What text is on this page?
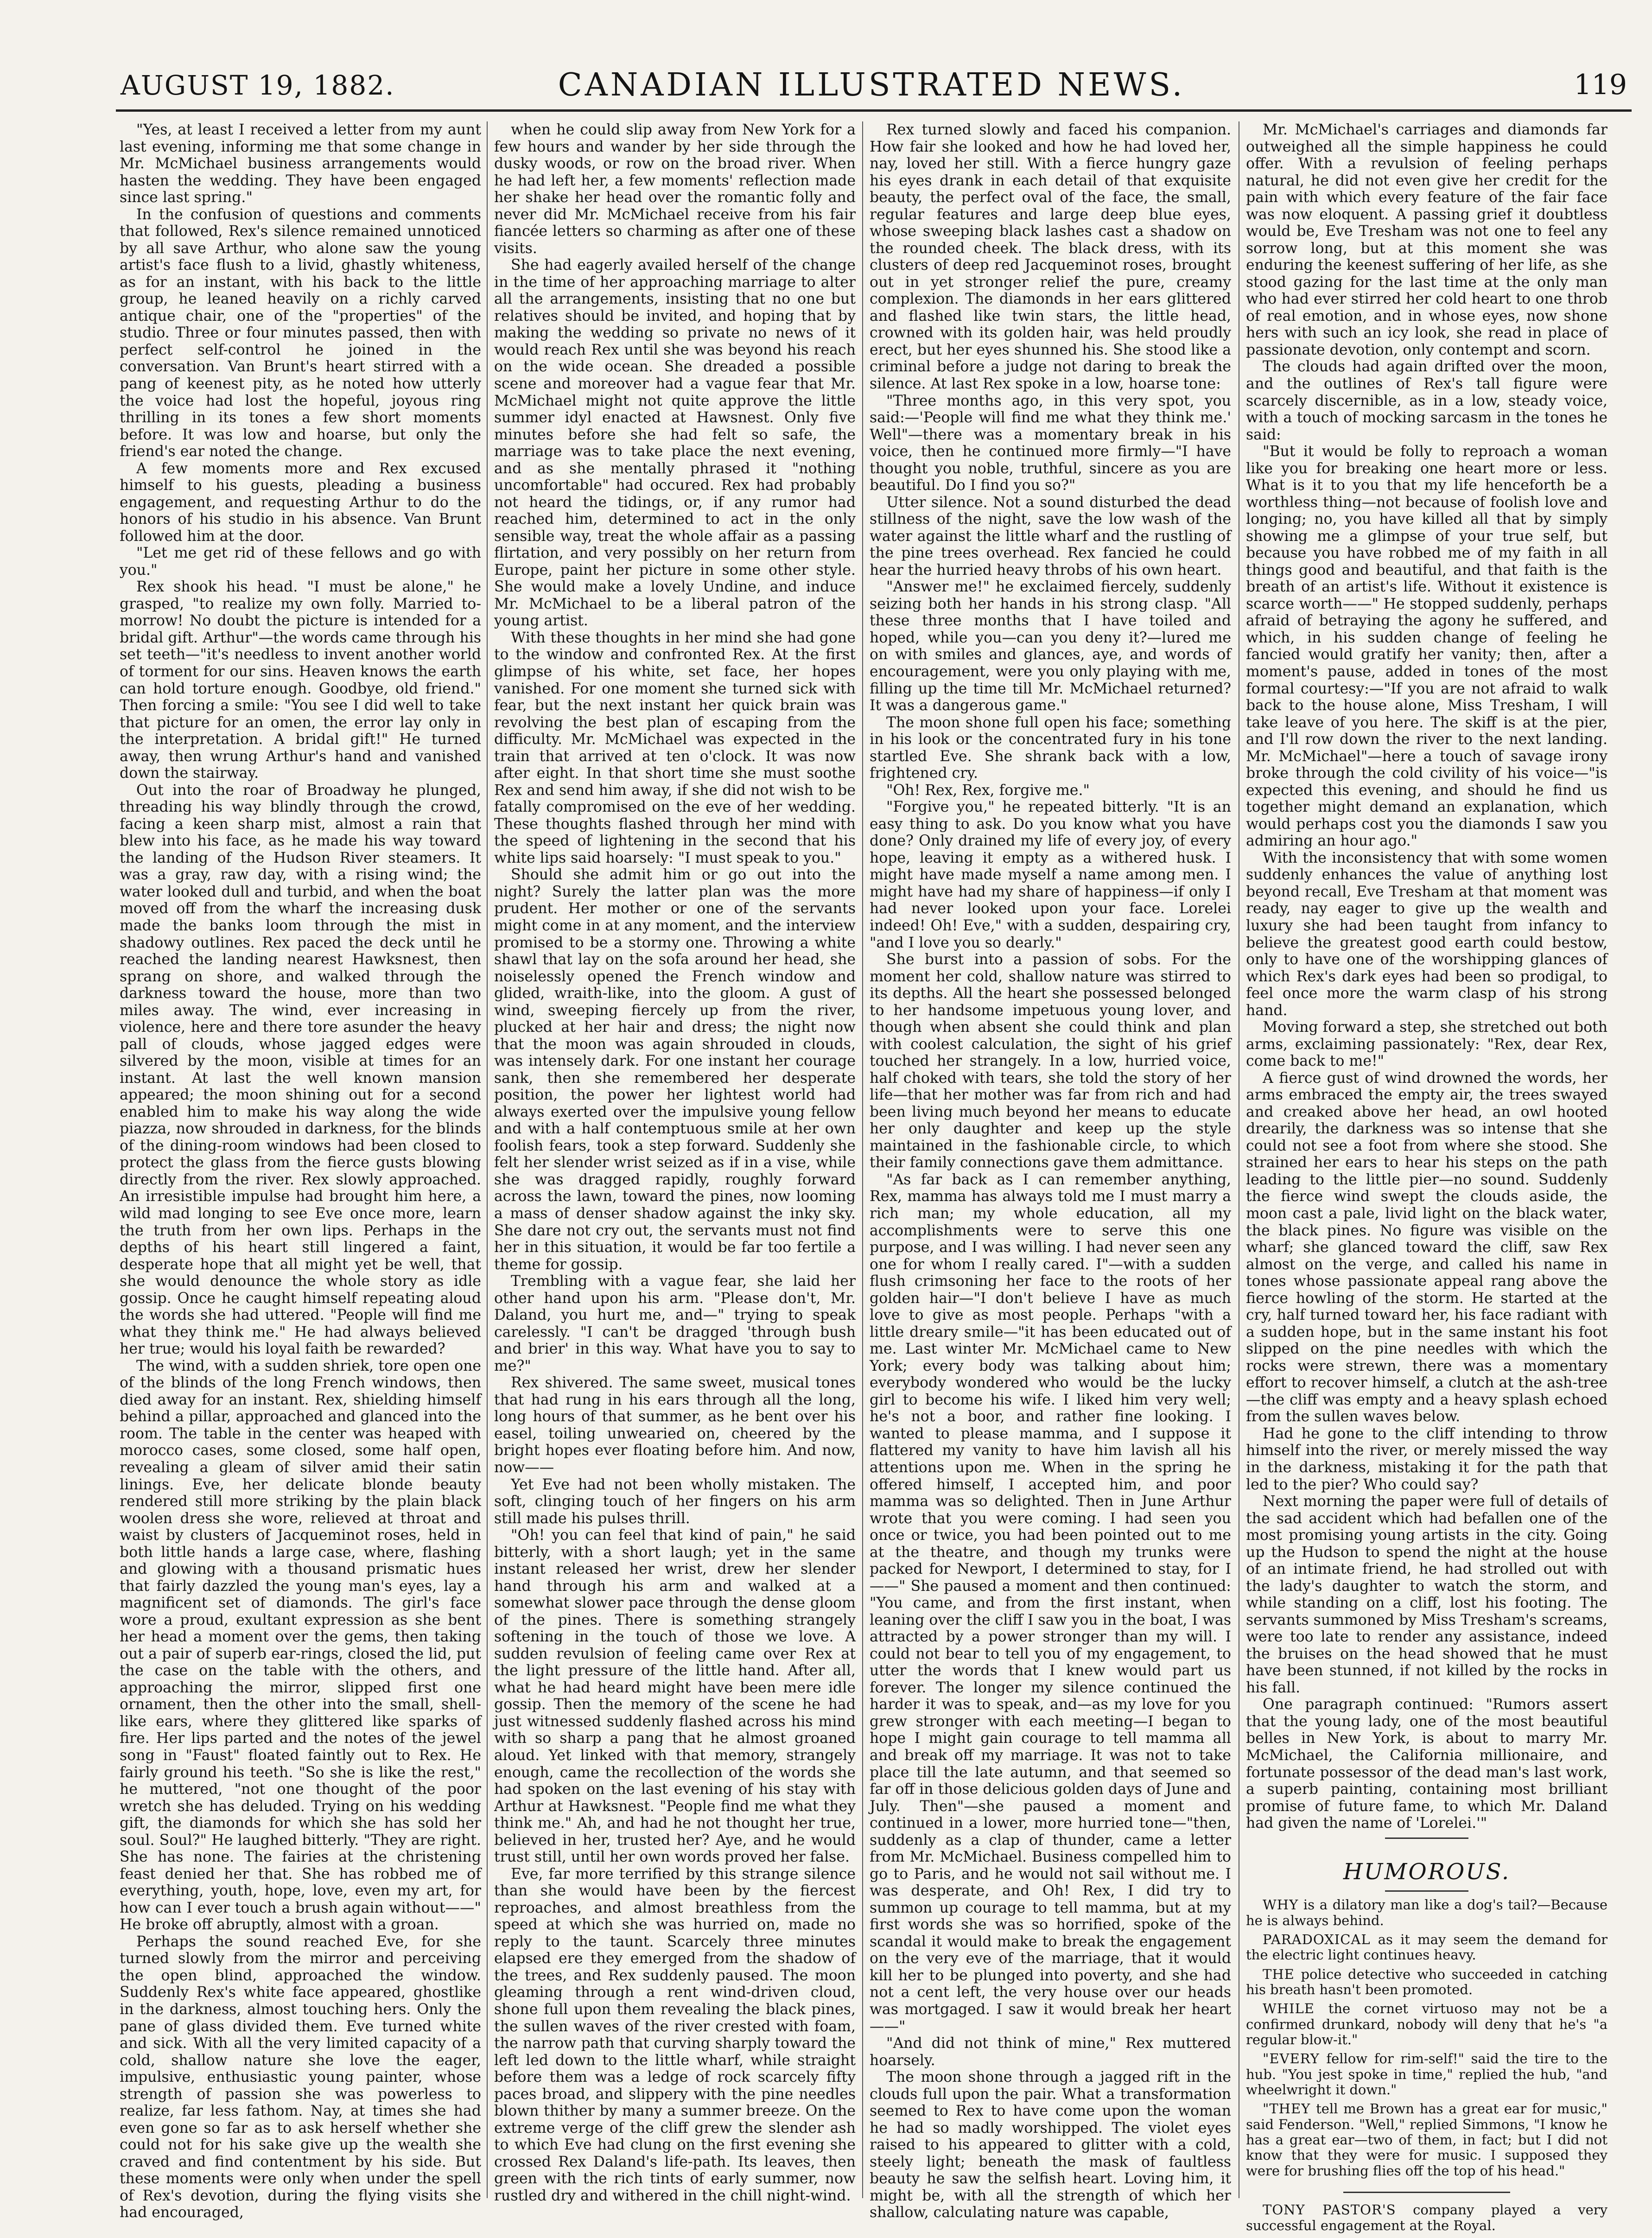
AUGUST 19, 1882.	CANADIAN ILLUSTRATED NEWS.	119

"Yes, at least I received a letter from my aunt last evening, informing me that some change in Mr. McMichael business arrangements would hasten the wedding. They have been engaged since last spring."

In the confusion of questions and comments that followed, Rex's silence remained unnoticed by all save Arthur, who alone saw the young artist's face flush to a livid, ghastly whiteness, as for an instant, with his back to the little group, he leaned heavily on a richly carved antique chair, one of the "properties" of the studio. Three or four minutes passed, then with perfect self-control he joined in the conversation. Van Brunt's heart stirred with a pang of keenest pity, as he noted how utterly the voice had lost the hopeful, joyous ring thrilling in its tones a few short moments before. It was low and hoarse, but only the friend's ear noted the change.

A few moments more and Rex excused himself to his guests, pleading a business engagement, and requesting Arthur to do the honors of his studio in his absence. Van Brunt followed him at the door.

"Let me get rid of these fellows and go with you."

Rex shook his head. "I must be alone," he grasped, "to realize my own folly. Married to-morrow! No doubt the picture is intended for a bridal gift. Arthur"—the words came through his set teeth—"it's needless to invent another world of torment for our sins. Heaven knows the earth can hold torture enough. Goodbye, old friend." Then forcing a smile: "You see I did well to take that picture for an omen, the error lay only in the interpretation. A bridal gift!" He turned away, then wrung Arthur's hand and vanished down the stairway.

Out into the roar of Broadway he plunged, threading his way blindly through the crowd, facing a keen sharp mist, almost a rain that blew into his face, as he made his way toward the landing of the Hudson River steamers. It was a gray, raw day, with a rising wind; the water looked dull and turbid, and when the boat moved off from the wharf the increasing dusk made the banks loom through the mist in shadowy outlines. Rex paced the deck until he reached the landing nearest Hawksnest, then sprang on shore, and walked through the darkness toward the house, more than two miles away. The wind, ever increasing in violence, here and there tore asunder the heavy pall of clouds, whose jagged edges were silvered by the moon, visible at times for an instant. At last the well known mansion appeared; the moon shining out for a second enabled him to make his way along the wide piazza, now shrouded in darkness, for the blinds of the dining-room windows had been closed to protect the glass from the fierce gusts blowing directly from the river. Rex slowly approached. An irresistible impulse had brought him here, a wild mad longing to see Eve once more, learn the truth from her own lips. Perhaps in the depths of his heart still lingered a faint, desperate hope that all might yet be well, that she would denounce the whole story as idle gossip. Once he caught himself repeating aloud the words she had uttered. "People will find me what they think me." He had always believed her true; would his loyal faith be rewarded?

The wind, with a sudden shriek, tore open one of the blinds of the long French windows, then died away for an instant. Rex, shielding himself behind a pillar, approached and glanced into the room. The table in the center was heaped with morocco cases, some closed, some half open, revealing a gleam of silver amid their satin linings. Eve, her delicate blonde beauty rendered still more striking by the plain black woolen dress she wore, relieved at throat and waist by clusters of Jacqueminot roses, held in both little hands a large case, where, flashing and glowing with a thousand prismatic hues that fairly dazzled the young man's eyes, lay a magnificent set of diamonds. The girl's face wore a proud, exultant expression as she bent her head a moment over the gems, then taking out a pair of superb ear-rings, closed the lid, put the case on the table with the others, and approaching the mirror, slipped first one ornament, then the other into the small, shell-like ears, where they glittered like sparks of fire. Her lips parted and the notes of the jewel song in "Faust" floated faintly out to Rex. He fairly ground his teeth. "So she is like the rest," he muttered, "not one thought of the poor wretch she has deluded. Trying on his wedding gift, the diamonds for which she has sold her soul. Soul?" He laughed bitterly. "They are right. She has none. The fairies at the christening feast denied her that. She has robbed me of everything, youth, hope, love, even my art, for how can I ever touch a brush again without——" He broke off abruptly, almost with a groan.

Perhaps the sound reached Eve, for she turned slowly from the mirror and perceiving the open blind, approached the window. Suddenly Rex's white face appeared, ghostlike in the darkness, almost touching hers. Only the pane of glass divided them. Eve turned white and sick. With all the very limited capacity of a cold, shallow nature she love the eager, impulsive, enthusiastic young painter, whose strength of passion she was powerless to realize, far less fathom. Nay, at times she had even gone so far as to ask herself whether she could not for his sake give up the wealth she craved and find contentment by his side. But these moments were only when under the spell of Rex's devotion, during the flying visits she had encouraged,

when he could slip away from New York for a few hours and wander by her side through the dusky woods, or row on the broad river. When he had left her, a few moments' reflection made her shake her head over the romantic folly and never did Mr. McMichael receive from his fair fiancée letters so charming as after one of these visits.

She had eagerly availed herself of the change in the time of her approaching marriage to alter all the arrangements, insisting that no one but relatives should be invited, and hoping that by making the wedding so private no news of it would reach Rex until she was beyond his reach on the wide ocean. She dreaded a possible scene and moreover had a vague fear that Mr. McMichael might not quite approve the little summer idyl enacted at Hawsnest. Only five minutes before she had felt so safe, the marriage was to take place the next evening, and as she mentally phrased it "nothing uncomfortable" had occured. Rex had probably not heard the tidings, or, if any rumor had reached him, determined to act in the only sensible way, treat the whole affair as a passing flirtation, and very possibly on her return from Europe, paint her picture in some other style. She would make a lovely Undine, and induce Mr. McMichael to be a liberal patron of the young artist.

With these thoughts in her mind she had gone to the window and confronted Rex. At the first glimpse of his white, set face, her hopes vanished. For one moment she turned sick with fear, but the next instant her quick brain was revolving the best plan of escaping from the difficulty. Mr. McMichael was expected in the train that arrived at ten o'clock. It was now after eight. In that short time she must soothe Rex and send him away, if she did not wish to be fatally compromised on the eve of her wedding. These thoughts flashed through her mind with the speed of lightening in the second that his white lips said hoarsely: "I must speak to you."

Should she admit him or go out into the night? Surely the latter plan was the more prudent. Her mother or one of the servants might come in at any moment, and the interview promised to be a stormy one. Throwing a white shawl that lay on the sofa around her head, she noiselessly opened the French window and glided, wraith-like, into the gloom. A gust of wind, sweeping fiercely up from the river, plucked at her hair and dress; the night now that the moon was again shrouded in clouds, was intensely dark. For one instant her courage sank, then she remembered her desperate position, the power her lightest world had always exerted over the impulsive young fellow and with a half contemptuous smile at her own foolish fears, took a step forward. Suddenly she felt her slender wrist seized as if in a vise, while she was dragged rapidly, roughly forward across the lawn, toward the pines, now looming a mass of denser shadow against the inky sky. She dare not cry out, the servants must not find her in this situation, it would be far too fertile a theme for gossip.

Trembling with a vague fear, she laid her other hand upon his arm. "Please don't, Mr. Daland, you hurt me, and—" trying to speak carelessly. "I can't be dragged 'through bush and brier' in this way. What have you to say to me?"

Rex shivered. The same sweet, musical tones that had rung in his ears through all the long, long hours of that summer, as he bent over his easel, toiling unwearied on, cheered by the bright hopes ever floating before him. And now, now——

Yet Eve had not been wholly mistaken. The soft, clinging touch of her fingers on his arm still made his pulses thrill.

"Oh! you can feel that kind of pain," he said bitterly, with a short laugh; yet in the same instant released her wrist, drew her slender hand through his arm and walked at a somewhat slower pace through the dense gloom of the pines. There is something strangely softening in the touch of those we love. A sudden revulsion of feeling came over Rex at the light pressure of the little hand. After all, what he had heard might have been mere idle gossip. Then the memory of the scene he had just witnessed suddenly flashed across his mind with so sharp a pang that he almost groaned aloud. Yet linked with that memory, strangely enough, came the recollection of the words she had spoken on the last evening of his stay with Arthur at Hawksnest. "People find me what they think me." Ah, and had he not thought her true, believed in her, trusted her? Aye, and he would trust still, until her own words proved her false.

Eve, far more terrified by this strange silence than she would have been by the fiercest reproaches, and almost breathless from the speed at which she was hurried on, made no reply to the taunt. Scarcely three minutes elapsed ere they emerged from the shadow of the trees, and Rex suddenly paused. The moon gleaming through a rent wind-driven cloud, shone full upon them revealing the black pines, the sullen waves of the river crested with foam, the narrow path that curving sharply toward the left led down to the little wharf, while straight before them was a ledge of rock scarcely fifty paces broad, and slippery with the pine needles blown thither by many a summer breeze. On the extreme verge of the cliff grew the slender ash to which Eve had clung on the first evening she crossed Rex Daland's life-path. Its leaves, then green with the rich tints of early summer, now rustled dry and withered in the chill night-wind.

Rex turned slowly and faced his companion. How fair she looked and how he had loved her, nay, loved her still. With a fierce hungry gaze his eyes drank in each detail of that exquisite beauty, the perfect oval of the face, the small, regular features and large deep blue eyes, whose sweeping black lashes cast a shadow on the rounded cheek. The black dress, with its clusters of deep red Jacqueminot roses, brought out in yet stronger relief the pure, creamy complexion. The diamonds in her ears glittered and flashed like twin stars, the little head, crowned with its golden hair, was held proudly erect, but her eyes shunned his. She stood like a criminal before a judge not daring to break the silence. At last Rex spoke in a low, hoarse tone:

"Three months ago, in this very spot, you said:—'People will find me what they think me.' Well"—there was a momentary break in his voice, then he continued more firmly—"I have thought you noble, truthful, sincere as you are beautiful. Do I find you so?"

Utter silence. Not a sound disturbed the dead stillness of the night, save the low wash of the water against the little wharf and the rustling of the pine trees overhead. Rex fancied he could hear the hurried heavy throbs of his own heart.

"Answer me!" he exclaimed fiercely, suddenly seizing both her hands in his strong clasp. "All these three months that I have toiled and hoped, while you—can you deny it?—lured me on with smiles and glances, aye, and words of encouragement, were you only playing with me, filling up the time till Mr. McMichael returned? It was a dangerous game."

The moon shone full open his face; something in his look or the concentrated fury in his tone startled Eve. She shrank back with a low, frightened cry.

"Oh! Rex, Rex, forgive me."

"Forgive you," he repeated bitterly. "It is an easy thing to ask. Do you know what you have done? Only drained my life of every joy, of every hope, leaving it empty as a withered husk. I might have made myself a name among men. I might have had my share of happiness—if only I had never looked upon your face. Lorelei indeed! Oh! Eve," with a sudden, despairing cry, "and I love you so dearly."

She burst into a passion of sobs. For the moment her cold, shallow nature was stirred to its depths. All the heart she possessed belonged to her handsome impetuous young lover, and though when absent she could think and plan with coolest calculation, the sight of his grief touched her strangely. In a low, hurried voice, half choked with tears, she told the story of her life—that her mother was far from rich and had been living much beyond her means to educate her only daughter and keep up the style maintained in the fashionable circle, to which their family connections gave them admittance.

"As far back as I can remember anything, Rex, mamma has always told me I must marry a rich man; my whole education, all my accomplishments were to serve this one purpose, and I was willing. I had never seen any one for whom I really cared. I"—with a sudden flush crimsoning her face to the roots of her golden hair—"I don't believe I have as much love to give as most people. Perhaps "with a little dreary smile—"it has been educated out of me. Last winter Mr. McMichael came to New York; every body was talking about him; everybody wondered who would be the lucky girl to become his wife. I liked him very well; he's not a boor, and rather fine looking. I wanted to please mamma, and I suppose it flattered my vanity to have him lavish all his attentions upon me. When in the spring he offered himself, I accepted him, and poor mamma was so delighted. Then in June Arthur wrote that you were coming. I had seen you once or twice, you had been pointed out to me at the theatre, and though my trunks were packed for Newport, I determined to stay, for I——" She paused a moment and then continued: "You came, and from the first instant, when leaning over the cliff I saw you in the boat, I was attracted by a power stronger than my will. I could not bear to tell you of my engagement, to utter the words that I knew would part us forever. The longer my silence continued the harder it was to speak, and—as my love for you grew stronger with each meeting—I began to hope I might gain courage to tell mamma all and break off my marriage. It was not to take place till the late autumn, and that seemed so far off in those delicious golden days of June and July. Then"—she paused a moment and continued in a lower, more hurried tone—"then, suddenly as a clap of thunder, came a letter from Mr. McMichael. Business compelled him to go to Paris, and he would not sail without me. I was desperate, and Oh! Rex, I did try to summon up courage to tell mamma, but at my first words she was so horrified, spoke of the scandal it would make to break the engagement on the very eve of the marriage, that it would kill her to be plunged into poverty, and she had not a cent left, the very house over our heads was mortgaged. I saw it would break her heart——"

"And did not think of mine," Rex muttered hoarsely.

The moon shone through a jagged rift in the clouds full upon the pair. What a transformation seemed to Rex to have come upon the woman he had so madly worshipped. The violet eyes raised to his appeared to glitter with a cold, steely light; beneath the mask of faultless beauty he saw the selfish heart. Loving him, it might be, with all the strength of which her shallow, calculating nature was capable,

Mr. McMichael's carriages and diamonds far outweighed all the simple happiness he could offer. With a revulsion of feeling perhaps natural, he did not even give her credit for the pain with which every feature of the fair face was now eloquent. A passing grief it doubtless would be, Eve Tresham was not one to feel any sorrow long, but at this moment she was enduring the keenest suffering of her life, as she stood gazing for the last time at the only man who had ever stirred her cold heart to one throb of real emotion, and in whose eyes, now shone hers with such an icy look, she read in place of passionate devotion, only contempt and scorn.

The clouds had again drifted over the moon, and the outlines of Rex's tall figure were scarcely discernible, as in a low, steady voice, with a touch of mocking sarcasm in the tones he said:

"But it would be folly to reproach a woman like you for breaking one heart more or less. What is it to you that my life henceforth be a worthless thing—not because of foolish love and longing; no, you have killed all that by simply showing me a glimpse of your true self, but because you have robbed me of my faith in all things good and beautiful, and that faith is the breath of an artist's life. Without it existence is scarce worth——" He stopped suddenly, perhaps afraid of betraying the agony he suffered, and which, in his sudden change of feeling he fancied would gratify her vanity; then, after a moment's pause, added in tones of the most formal courtesy:—"If you are not afraid to walk back to the house alone, Miss Tresham, I will take leave of you here. The skiff is at the pier, and I'll row down the river to the next landing. Mr. McMichael"—here a touch of savage irony broke through the cold civility of his voice—"is expected this evening, and should he find us together might demand an explanation, which would perhaps cost you the diamonds I saw you admiring an hour ago."

With the inconsistency that with some women suddenly enhances the value of anything lost beyond recall, Eve Tresham at that moment was ready, nay eager to give up the wealth and luxury she had been taught from infancy to believe the greatest good earth could bestow, only to have one of the worshipping glances of which Rex's dark eyes had been so prodigal, to feel once more the warm clasp of his strong hand.

Moving forward a step, she stretched out both arms, exclaiming passionately: "Rex, dear Rex, come back to me!"

A fierce gust of wind drowned the words, her arms embraced the empty air, the trees swayed and creaked above her head, an owl hooted drearily, the darkness was so intense that she could not see a foot from where she stood. She strained her ears to hear his steps on the path leading to the little pier—no sound. Suddenly the fierce wind swept the clouds aside, the moon cast a pale, livid light on the black water, the black pines. No figure was visible on the wharf; she glanced toward the cliff, saw Rex almost on the verge, and called his name in tones whose passionate appeal rang above the fierce howling of the storm. He started at the cry, half turned toward her, his face radiant with a sudden hope, but in the same instant his foot slipped on the pine needles with which the rocks were strewn, there was a momentary effort to recover himself, a clutch at the ash-tree—the cliff was empty and a heavy splash echoed from the sullen waves below.

Had he gone to the cliff intending to throw himself into the river, or merely missed the way in the darkness, mistaking it for the path that led to the pier? Who could say?

Next morning the paper were full of details of the sad accident which had befallen one of the most promising young artists in the city. Going up the Hudson to spend the night at the house of an intimate friend, he had strolled out with the lady's daughter to watch the storm, and while standing on a cliff, lost his footing. The servants summoned by Miss Tresham's screams, were too late to render any assistance, indeed the bruises on the head showed that he must have been stunned, if not killed by the rocks in his fall.

One paragraph continued: "Rumors assert that the young lady, one of the most beautiful belles in New York, is about to marry Mr. McMichael, the California millionaire, and fortunate possessor of the dead man's last work, a superb painting, containing most brilliant promise of future fame, to which Mr. Daland had given the name of 'Lorelei.'"

HUMOROUS.

WHY is a dilatory man like a dog's tail?—Because he is always behind.

PARADOXICAL as it may seem the demand for the electric light continues heavy.

THE police detective who succeeded in catching his breath hasn't been promoted.

WHILE the cornet virtuoso may not be a confirmed drunkard, nobody will deny that he's "a regular blow-it."

"EVERY fellow for rim-self!" said the tire to the hub. "You jest spoke in time," replied the hub, "and wheelwright it down."

"THEY tell me Brown has a great ear for music," said Fenderson. "Well," replied Simmons, "I know he has a great ear—two of them, in fact; but I did not know that they were for music. I supposed they were for brushing flies off the top of his head."

TONY PASTOR'S company played a very successful engagement at the Royal.
